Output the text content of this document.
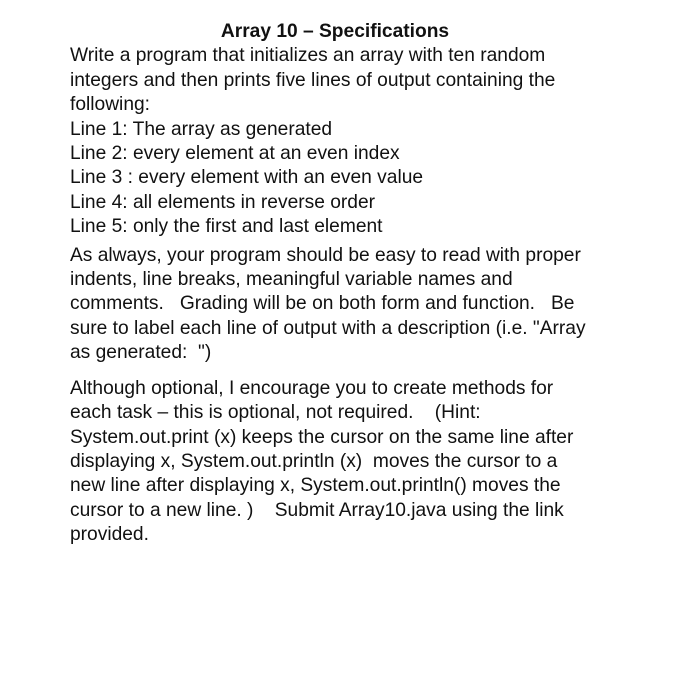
Array 10 – Specifications
Write a program that initializes an array with ten random
integers and then prints five lines of output containing the
following:
Line 1: The array as generated
Line 2: every element at an even index
Line 3 : every element with an even value
Line 4: all elements in reverse order
Line 5: only the first and last element
As always, your program should be easy to read with proper
indents, line breaks, meaningful variable names and
comments.   Grading will be on both form and function.   Be
sure to label each line of output with a description (i.e. "Array
as generated:  ")
Although optional, I encourage you to create methods for
each task – this is optional, not required.    (Hint:
System.out.print (x) keeps the cursor on the same line after
displaying x, System.out.println (x)  moves the cursor to a
new line after displaying x, System.out.println() moves the
cursor to a new line. )    Submit Array10.java using the link
provided.
